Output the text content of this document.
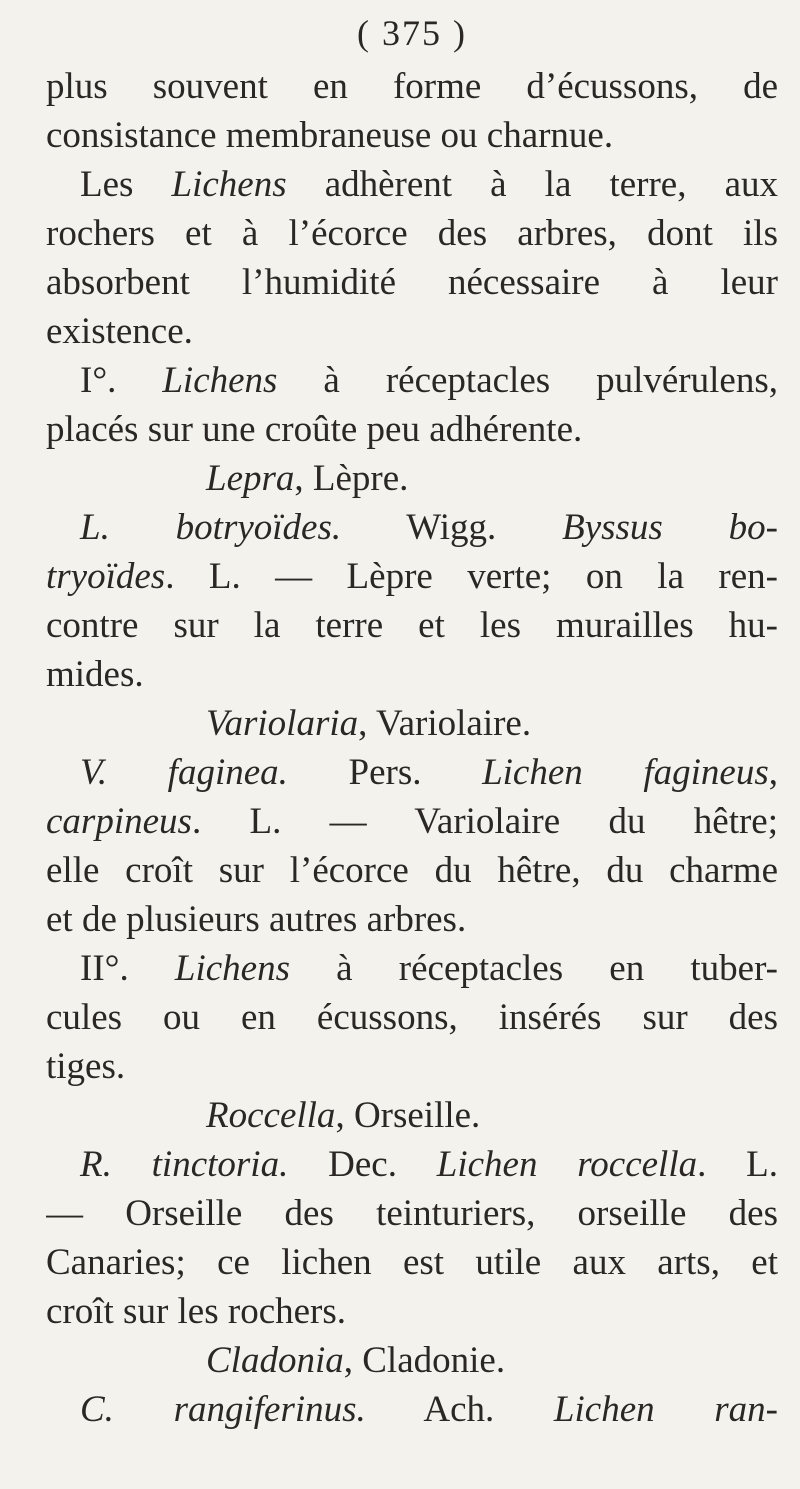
( 375 )
plus souvent en forme d’écussons, de
consistance membraneuse ou charnue.
Les Lichens adhèrent à la terre, aux
rochers et à l’écorce des arbres, dont ils
absorbent l’humidité nécessaire à leur
existence.
I°. Lichens à réceptacles pulvérulens,
placés sur une croûte peu adhérente.
Lepra, Lèpre.
L. botryoïdes. Wigg. Byssus bo-
tryoïdes. L. — Lèpre verte; on la ren-
contre sur la terre et les murailles hu-
mides.
Variolaria, Variolaire.
V. faginea. Pers. Lichen fagineus,
carpineus. L. — Variolaire du hêtre;
elle croît sur l’écorce du hêtre, du charme
et de plusieurs autres arbres.
II°. Lichens à réceptacles en tuber-
cules ou en écussons, insérés sur des
tiges.
Roccella, Orseille.
R. tinctoria. Dec. Lichen roccella. L.
— Orseille des teinturiers, orseille des
Canaries; ce lichen est utile aux arts, et
croît sur les rochers.
Cladonia, Cladonie.
C. rangiferinus. Ach. Lichen ran-
